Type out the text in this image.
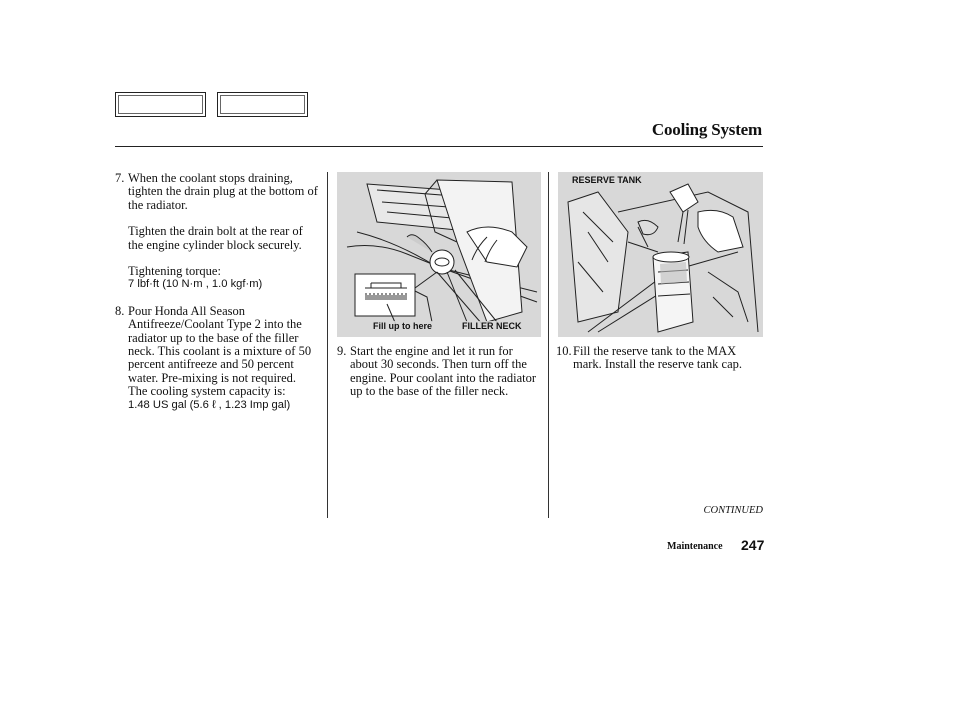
Cooling System
7. When the coolant stops draining, tighten the drain plug at the bottom of the radiator.

Tighten the drain bolt at the rear of the engine cylinder block securely.

Tightening torque:

7 lbf·ft (10 N·m , 1.0 kgf·m)

8. Pour Honda All Season Antifreeze/Coolant Type 2 into the radiator up to the base of the filler neck. This coolant is a mixture of 50 percent antifreeze and 50 percent water. Pre-mixing is not required.

The cooling system capacity is:

1.48 US gal (5.6 ℓ , 1.23 Imp gal)

Fill up to here	FILLER NECK
9. Start the engine and let it run for about 30 seconds. Then turn off the engine. Pour coolant into the radiator up to the base of the filler neck.

RESERVE TANK
10. Fill the reserve tank to the MAX mark. Install the reserve tank cap.

CONTINUED
Maintenance 247
